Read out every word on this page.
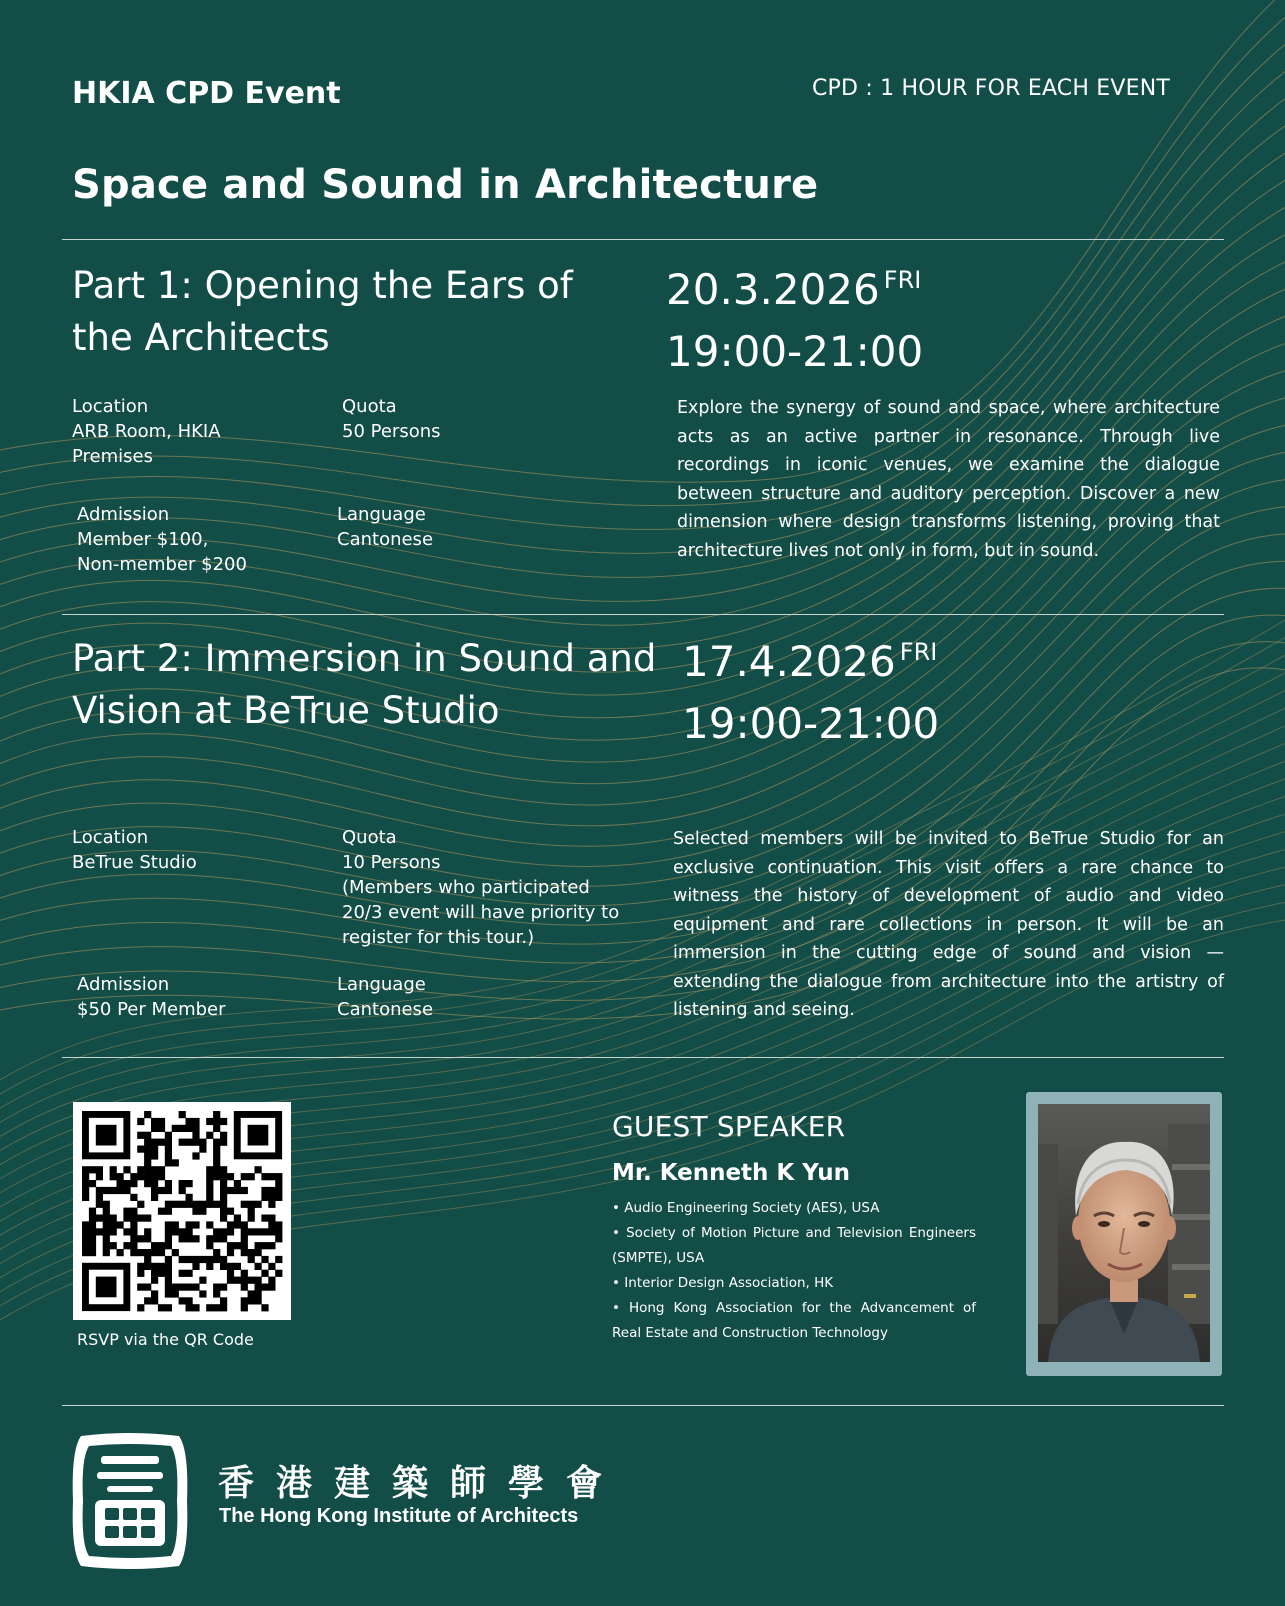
HKIA CPD Event	CPD : 1 HOUR FOR EACH EVENT
Space and Sound in Architecture
Part 1: Opening the Ears of
the Architects
20.3.2026 $^{FRI}$
19:00-21:00
Location
ARB Room, HKIA
Premises
Quota
50 Persons
Admission
Member $100,
Non-member $200
Language
Cantonese
Explore the synergy of sound and space, where architecture acts as an active partner in resonance. Through live recordings in iconic venues, we examine the dialogue between structure and auditory perception. Discover a new dimension where design transforms listening, proving that architecture lives not only in form, but in sound.
Part 2: Immersion in Sound and
Vision at BeTrue Studio
17.4.2026 $^{FRI}$
19:00-21:00
Location
BeTrue Studio
Quota
10 Persons
(Members who participated
20/3 event will have priority to
register for this tour.)
Admission
$50 Per Member
Language
Cantonese
Selected members will be invited to BeTrue Studio for an exclusive continuation. This visit offers a rare chance to witness the history of development of audio and video equipment and rare collections in person. It will be an immersion in the cutting edge of sound and vision — extending the dialogue from architecture into the artistry of listening and seeing.
RSVP via the QR Code
GUEST SPEAKER
Mr. Kenneth K Yun
• Audio Engineering Society (AES), USA
• Society of Motion Picture and Television Engineers (SMPTE), USA
• Interior Design Association, HK
• Hong Kong Association for the Advancement of Real Estate and Construction Technology
香港建築師學會
The Hong Kong Institute of Architects
